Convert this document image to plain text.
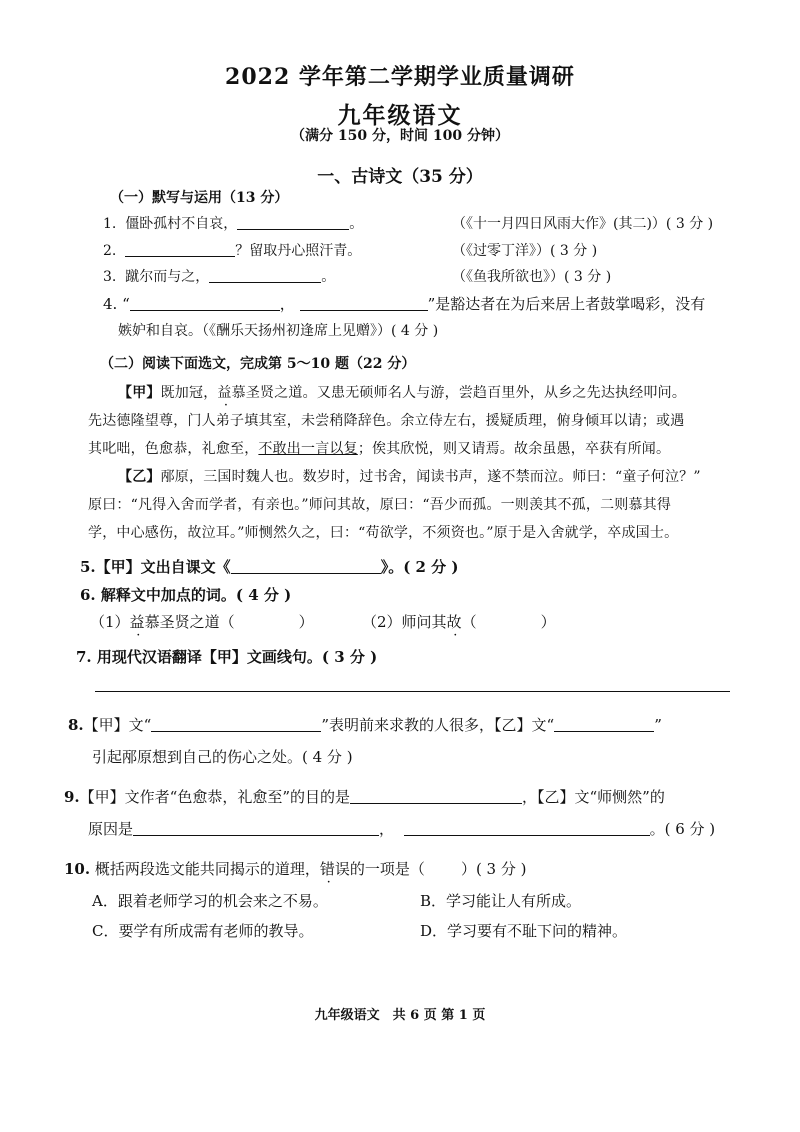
2022 学年第二学期学业质量调研
九年级语文
（满分 150 分，时间 100 分钟）
一、古诗文（35 分）
（一）默写与运用（13 分）
1. 僵卧孤村不自哀，	。	（《十一月四日风雨大作》(其二)）( 3 分 )
2.	？留取丹心照汗青。	（《过零丁洋》）( 3 分 )
3. 蹴尔而与之，	。	（《鱼我所欲也》）( 3 分 )
4. “	，	”是豁达者在为后来居上者鼓掌喝彩，没有
嫉妒和自哀。（《酬乐天扬州初逢席上见赠》）( 4 分 )
（二）阅读下面选文，完成第 5～10 题（22 分）
【甲】既加冠，益慕圣贤之道。又患无硕师名人与游，尝趋百里外，从乡之先达执经叩问。
先达德隆望尊，门人弟子填其室，未尝稍降辞色。余立侍左右，援疑质理，俯身倾耳以请；或遇
其叱咄，色愈恭，礼愈至，不敢出一言以复；俟其欣悦，则又请焉。故余虽愚，卒获有所闻。
【乙】邴原，三国时魏人也。数岁时，过书舍，闻读书声，遂不禁而泣。师曰：“童子何泣？”
原曰：“凡得入舍而学者，有亲也。”师问其故，原曰：“吾少而孤。一则羡其不孤，二则慕其得
学，中心感伤，故泣耳。”师恻然久之，曰：“苟欲学，不须资也。”原于是入舍就学，卒成国士。
5.【甲】文出自课文《	》。( 2 分 )
6. 解释文中加点的词。( 4 分 )
（1）益慕圣贤之道（	）	（2）师问其故（	）
7. 用现代汉语翻译【甲】文画线句。( 3 分 )
8.【甲】文“	”表明前来求教的人很多，【乙】文“	”
引起邴原想到自己的伤心之处。( 4 分 )
9.【甲】文作者“色愈恭，礼愈至”的目的是	，【乙】文“师恻然”的
原因是	，	。( 6 分 )
10. 概括两段选文能共同揭示的道理，错误的一项是（ ）( 3 分 )
A．跟着老师学习的机会来之不易。	B．学习能让人有所成。
C．要学有所成需有老师的教导。	D．学习要有不耻下问的精神。
九年级语文　共 6 页 第 1 页
